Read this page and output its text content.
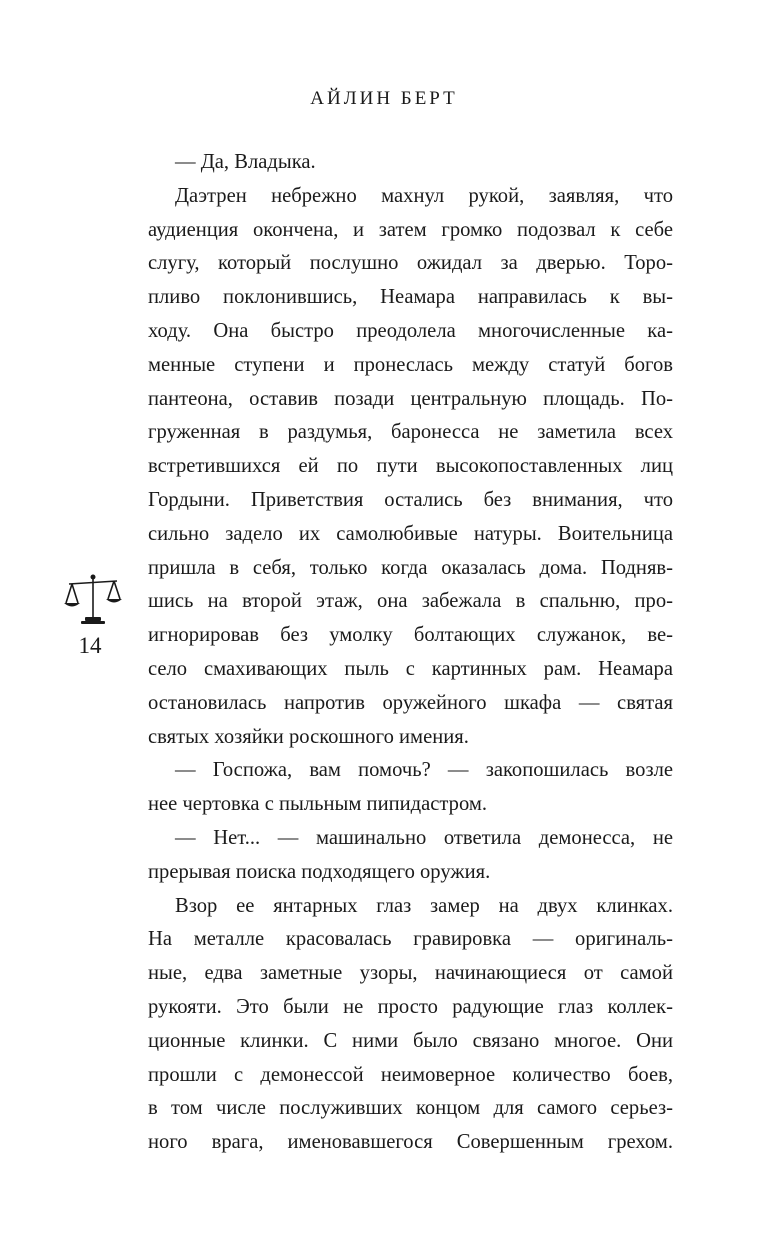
АЙЛИН БЕРТ
14
— Да, Владыка.
Даэтрен небрежно махнул рукой, заявляя, что
аудиенция окончена, и затем громко подозвал к себе
слугу, который послушно ожидал за дверью. Торо-
пливо поклонившись, Неамара направилась к вы-
ходу. Она быстро преодолела многочисленные ка-
менные ступени и пронеслась между статуй богов
пантеона, оставив позади центральную площадь. По-
груженная в раздумья, баронесса не заметила всех
встретившихся ей по пути высокопоставленных лиц
Гордыни. Приветствия остались без внимания, что
сильно задело их самолюбивые натуры. Воительница
пришла в себя, только когда оказалась дома. Подняв-
шись на второй этаж, она забежала в спальню, про-
игнорировав без умолку болтающих служанок, ве-
село смахивающих пыль с картинных рам. Неамара
остановилась напротив оружейного шкафа — святая
святых хозяйки роскошного имения.
— Госпожа, вам помочь? — закопошилась возле
нее чертовка с пыльным пипидастром.
— Нет... — машинально ответила демонесса, не
прерывая поиска подходящего оружия.
Взор ее янтарных глаз замер на двух клинках.
На металле красовалась гравировка — оригиналь-
ные, едва заметные узоры, начинающиеся от самой
рукояти. Это были не просто радующие глаз коллек-
ционные клинки. С ними было связано многое. Они
прошли с демонессой неимоверное количество боев,
в том числе послуживших концом для самого серьез-
ного врага, именовавшегося Совершенным грехом.
